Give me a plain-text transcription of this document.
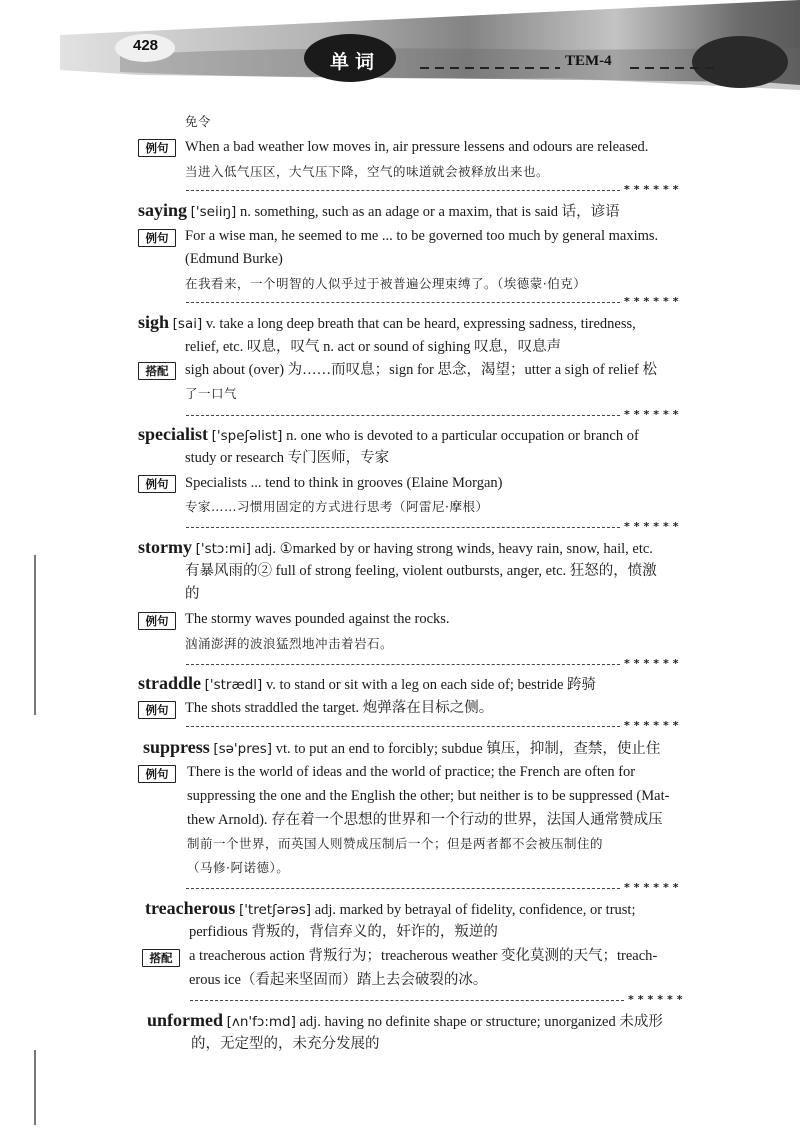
428
单词	TEM-4
免令
例句	When a bad weather low moves in, air pressure lessens and odours are released.
当进入低气压区，大气压下降，空气的味道就会被释放出来也。
******
saying ['seiiŋ] n. something, such as an adage or a maxim, that is said 话，谚语
例句	For a wise man, he seemed to me ... to be governed too much by general maxims.
(Edmund Burke)
在我看来，一个明智的人似乎过于被普遍公理束缚了。（埃德蒙·伯克）
******
sigh [sai] v. take a long deep breath that can be heard, expressing sadness, tiredness,
relief, etc. 叹息，叹气 n. act or sound of sighing 叹息，叹息声
搭配	sigh about (over) 为……而叹息；sign for 思念，渴望；utter a sigh of relief 松
了一口气
******
specialist ['speʃəlist] n. one who is devoted to a particular occupation or branch of
study or research 专门医师，专家
例句	Specialists ... tend to think in grooves (Elaine Morgan)
专家……习惯用固定的方式进行思考（阿雷尼·摩根）
******
stormy ['stɔ:mi] adj. ①marked by or having strong winds, heavy rain, snow, hail, etc.
有暴风雨的② full of strong feeling, violent outbursts, anger, etc. 狂怒的，愤激
的
例句	The stormy waves pounded against the rocks.
汹涌澎湃的波浪猛烈地冲击着岩石。
******
straddle ['strædl] v. to stand or sit with a leg on each side of; bestride 跨骑
例句	The shots straddled the target. 炮弹落在目标之侧。
******
suppress [sə'pres] vt. to put an end to forcibly; subdue 镇压，抑制，查禁，使止住
例句	There is the world of ideas and the world of practice; the French are often for
suppressing the one and the English the other; but neither is to be suppressed (Mat-
thew Arnold). 存在着一个思想的世界和一个行动的世界，法国人通常赞成压
制前一个世界，而英国人则赞成压制后一个；但是两者都不会被压制住的
（马修·阿诺德）。
******
treacherous ['tretʃərəs] adj. marked by betrayal of fidelity, confidence, or trust;
perfidious 背叛的，背信弃义的，奸诈的，叛逆的
搭配	a treacherous action 背叛行为；treacherous weather 变化莫测的天气；treach-
erous ice（看起来坚固而）踏上去会破裂的冰。
******
unformed [ʌn'fɔ:md] adj. having no definite shape or structure; unorganized 未成形
的，无定型的，未充分发展的
